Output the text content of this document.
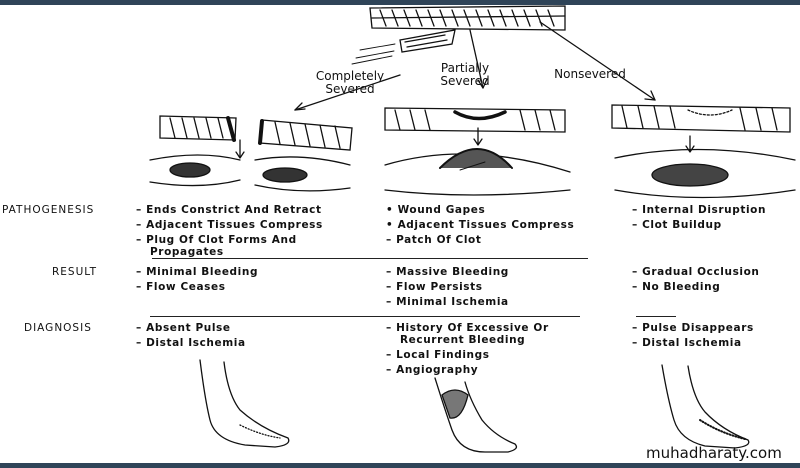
Completely
Severed
Partially
Severed	Nonsevered
PATHOGENESIS
RESULT
DIAGNOSIS
– Ends Constrict And Retract
– Adjacent Tissues Compress
– Plug Of Clot Forms And
Propagates
• Wound Gapes
• Adjacent Tissues Compress
– Patch Of Clot
– Internal Disruption
– Clot Buildup
– Minimal Bleeding
– Flow Ceases
– Massive Bleeding
– Flow Persists
– Minimal Ischemia
– Gradual Occlusion
– No Bleeding
– Absent Pulse
– Distal Ischemia
– History Of Excessive Or
Recurrent Bleeding
– Local Findings
– Angiography
– Pulse Disappears
– Distal Ischemia
muhadharaty.com
